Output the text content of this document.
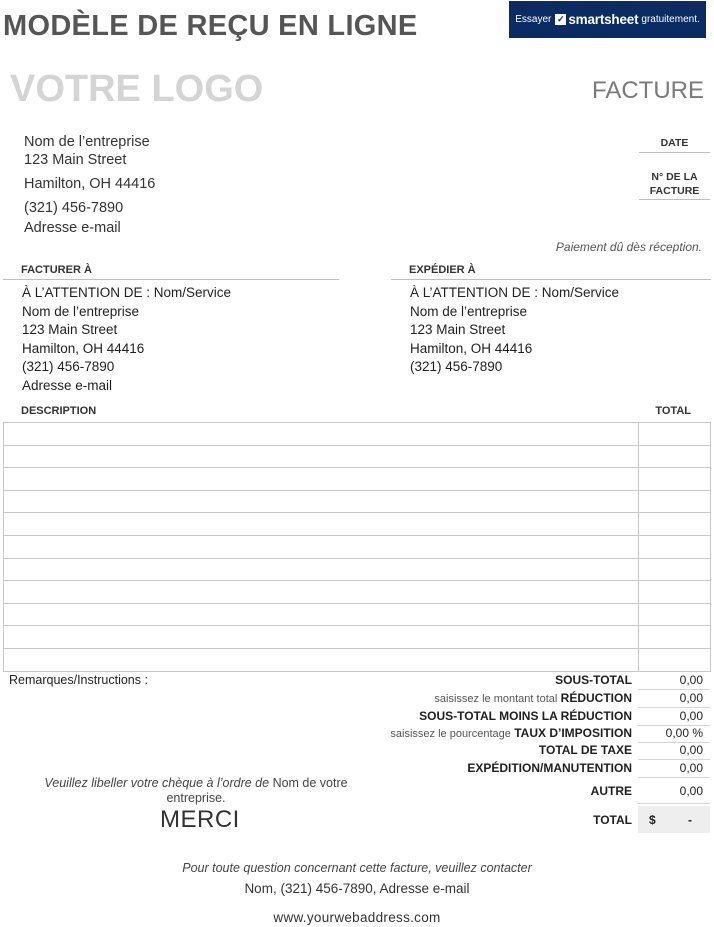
MODÈLE DE REÇU EN LIGNE	Essayer ✓ smartsheet gratuitement.
VOTRE LOGO	FACTURE
Nom de l’entreprise
123 Main Street
Hamilton, OH 44416
(321) 456-7890
Adresse e-mail
DATE
N° DE LA
FACTURE
Paiement dû dès réception.
FACTURER À
À L’ATTENTION DE : Nom/Service
Nom de l’entreprise
123 Main Street
Hamilton, OH 44416
(321) 456-7890
Adresse e-mail
EXPÉDIER À
À L’ATTENTION DE : Nom/Service
Nom de l’entreprise
123 Main Street
Hamilton, OH 44416
(321) 456-7890
DESCRIPTION	TOTAL

Remarques/Instructions :	SOUS-TOTAL	0,00
saisissez le montant total RÉDUCTION	0,00
SOUS-TOTAL MOINS LA RÉDUCTION	0,00
saisissez le pourcentage TAUX D’IMPOSITION	0,00 %
TOTAL DE TAXE	0,00
EXPÉDITION/MANUTENTION	0,00
AUTRE	0,00
TOTAL $	-
Veuillez libeller votre chèque à l’ordre de Nom de votre entreprise.
MERCI
Pour toute question concernant cette facture, veuillez contacter
Nom, (321) 456-7890, Adresse e-mail
www.yourwebaddress.com
